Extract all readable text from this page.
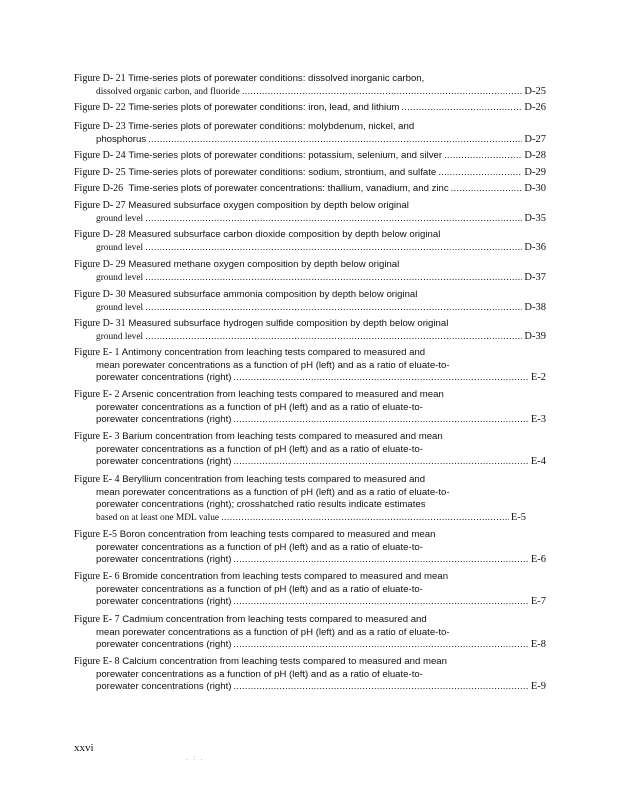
Figure D- 21 Time-series plots of porewater conditions: dissolved inorganic carbon,
dissolved organic carbon, and fluoride .....	D-25
Figure D- 22
Time-series plots of porewater conditions: iron, lead, and lithium .....	D-26
Figure D- 23 Time-series plots of porewater conditions: molybdenum, nickel, and
phosphorus .....	D-27
Figure D- 24
Time-series plots of porewater conditions: potassium, selenium, and silver .....	D-28
Figure D- 25
Time-series plots of porewater conditions: sodium, strontium, and sulfate .....	D-29
Figure D-26
Time-series plots of porewater concentrations: thallium, vanadium, and zinc .....	D-30
Figure D- 27 Measured subsurface oxygen composition by depth below original
ground level .....	D-35
Figure D- 28 Measured subsurface carbon dioxide composition by depth below original
ground level .....	D-36
Figure D- 29 Measured methane oxygen composition by depth below original
ground level .....	D-37
Figure D- 30 Measured subsurface ammonia composition by depth below original
ground level .....	D-38
Figure D- 31 Measured subsurface hydrogen sulfide composition by depth below original
ground level .....	D-39
Figure E- 1 Antimony concentration from leaching tests compared to measured and
mean porewater concentrations as a function of pH (left) and as a ratio of eluate-to-
porewater concentrations (right) .....	E-2
Figure E- 2 Arsenic concentration from leaching tests compared to measured and mean
porewater concentrations as a function of pH (left) and as a ratio of eluate-to-
porewater concentrations (right) .....	E-3
Figure E- 3 Barium concentration from leaching tests compared to measured and mean
porewater concentrations as a function of pH (left) and as a ratio of eluate-to-
porewater concentrations (right) .....	E-4
Figure E- 4 Beryllium concentration from leaching tests compared to measured and
mean porewater concentrations as a function of pH (left) and as a ratio of eluate-to-
porewater concentrations (right); crosshatched ratio results indicate estimates
based on at least one MDL value .....	E-5
Figure E-5 Boron concentration from leaching tests compared to measured and mean
porewater concentrations as a function of pH (left) and as a ratio of eluate-to-
porewater concentrations (right) .....	E-6
Figure E- 6 Bromide concentration from leaching tests compared to measured and mean
porewater concentrations as a function of pH (left) and as a ratio of eluate-to-
porewater concentrations (right) .....	E-7
Figure E- 7 Cadmium concentration from leaching tests compared to measured and
mean porewater concentrations as a function of pH (left) and as a ratio of eluate-to-
porewater concentrations (right) .....	E-8
Figure E- 8 Calcium concentration from leaching tests compared to measured and mean
porewater concentrations as a function of pH (left) and as a ratio of eluate-to-
porewater concentrations (right) .....	E-9
xxvi
. : .
